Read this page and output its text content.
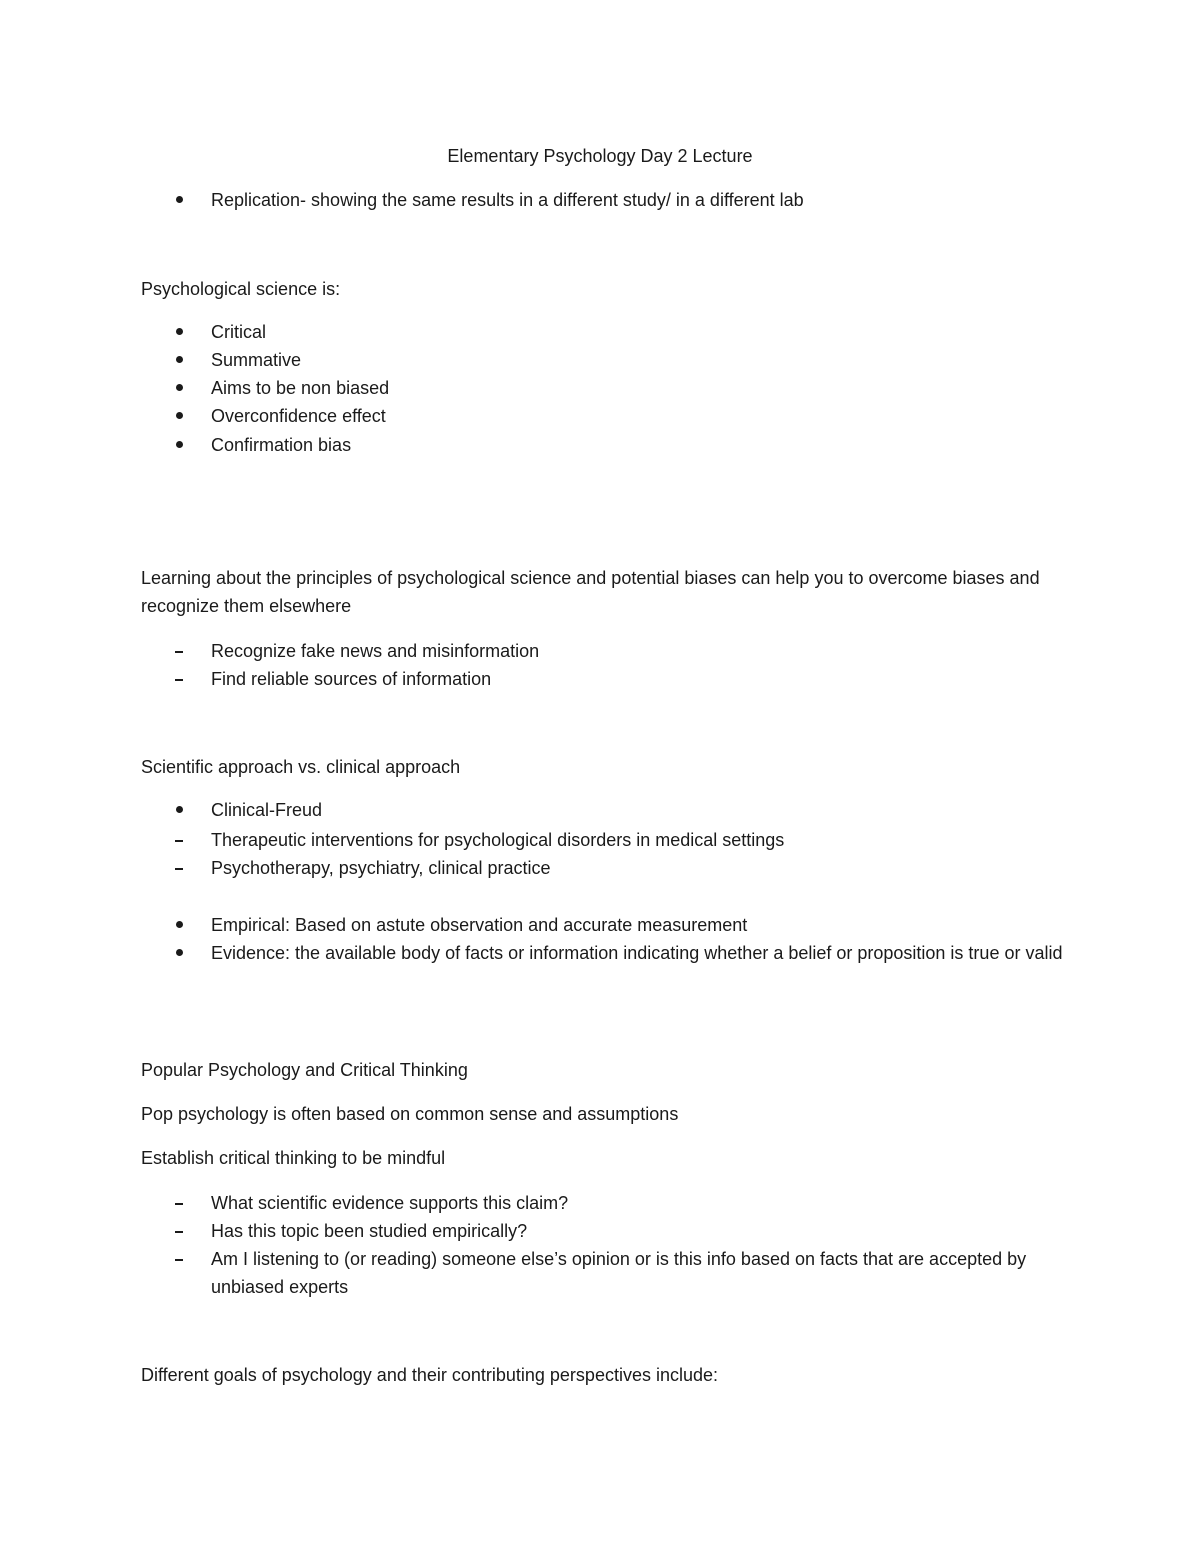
Elementary Psychology Day 2 Lecture
Replication- showing the same results in a different study/ in a different lab
Psychological science is:
Critical
Summative
Aims to be non biased
Overconfidence effect
Confirmation bias
Learning about the principles of psychological science and potential biases can help you to overcome biases and recognize them elsewhere
Recognize fake news and misinformation
Find reliable sources of information
Scientific approach vs. clinical approach
Clinical-Freud
Therapeutic interventions for psychological disorders in medical settings
Psychotherapy, psychiatry, clinical practice
Empirical: Based on astute observation and accurate measurement
Evidence: the available body of facts or information indicating whether a belief or proposition is true or valid
Popular Psychology and Critical Thinking
Pop psychology is often based on common sense and assumptions
Establish critical thinking to be mindful
What scientific evidence supports this claim?
Has this topic been studied empirically?
Am I listening to (or reading) someone else’s opinion or is this info based on facts that are accepted by unbiased experts
Different goals of psychology and their contributing perspectives include:
